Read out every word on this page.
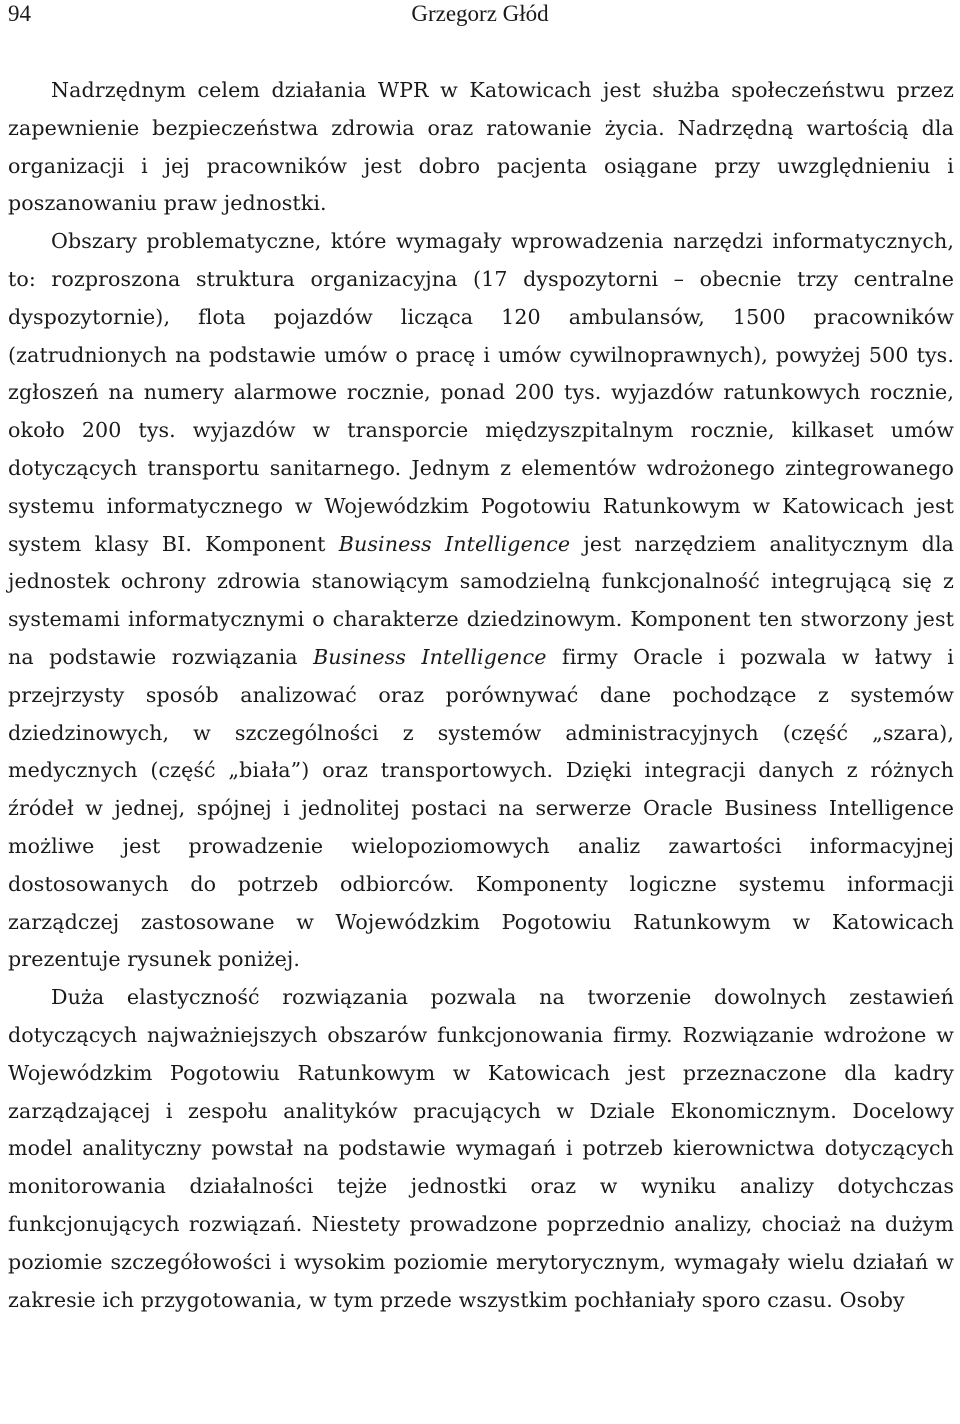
94	Grzegorz Głód

Nadrzędnym celem działania WPR w Katowicach jest służba społeczeństwu przez zapewnienie bezpieczeństwa zdrowia oraz ratowanie życia. Nadrzędną wartością dla organizacji i jej pracowników jest dobro pacjenta osiągane przy uwzględnieniu i poszanowaniu praw jednostki.

Obszary problematyczne, które wymagały wprowadzenia narzędzi informatycznych, to: rozproszona struktura organizacyjna (17 dyspozytorni – obecnie trzy centralne dyspozytornie), flota pojazdów licząca 120 ambulansów, 1500 pracowników (zatrudnionych na podstawie umów o pracę i umów cywilnoprawnych), powyżej 500 tys. zgłoszeń na numery alarmowe rocznie, ponad 200 tys. wyjazdów ratunkowych rocznie, około 200 tys. wyjazdów w transporcie międzyszpitalnym rocznie, kilkaset umów dotyczących transportu sanitarnego. Jednym z elementów wdrożonego zintegrowanego systemu informatycznego w Wojewódzkim Pogotowiu Ratunkowym w Katowicach jest system klasy BI. Komponent Business Intelligence jest narzędziem analitycznym dla jednostek ochrony zdrowia stanowiącym samodzielną funkcjonalność integrującą się z systemami informatycznymi o charakterze dziedzinowym. Komponent ten stworzony jest na podstawie rozwiązania Business Intelligence firmy Oracle i pozwala w łatwy i przejrzysty sposób analizować oraz porównywać dane pochodzące z systemów dziedzinowych, w szczególności z systemów administracyjnych (część „szara), medycznych (część „biała”) oraz transportowych. Dzięki integracji danych z różnych źródeł w jednej, spójnej i jednolitej postaci na serwerze Oracle Business Intelligence możliwe jest prowadzenie wielopoziomowych analiz zawartości informacyjnej dostosowanych do potrzeb odbiorców. Komponenty logiczne systemu informacji zarządczej zastosowane w Wojewódzkim Pogotowiu Ratunkowym w Katowicach prezentuje rysunek poniżej.

Duża elastyczność rozwiązania pozwala na tworzenie dowolnych zestawień dotyczących najważniejszych obszarów funkcjonowania firmy. Rozwiązanie wdrożone w Wojewódzkim Pogotowiu Ratunkowym w Katowicach jest przeznaczone dla kadry zarządzającej i zespołu analityków pracujących w Dziale Ekonomicznym. Docelowy model analityczny powstał na podstawie wymagań i potrzeb kierownictwa dotyczących monitorowania działalności tejże jednostki oraz w wyniku analizy dotychczas funkcjonujących rozwiązań. Niestety prowadzone poprzednio analizy, chociaż na dużym poziomie szczegółowości i wysokim poziomie merytorycznym, wymagały wielu działań w zakresie ich przygotowania, w tym przede wszystkim pochłaniały sporo czasu. Osoby
